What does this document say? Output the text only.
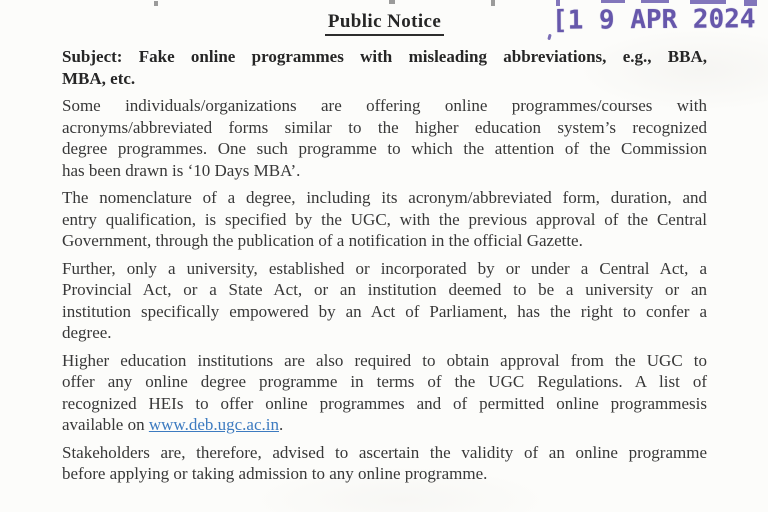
Public Notice	[1 9 APR 2024
Subject: Fake online programmes with misleading abbreviations, e.g., BBA,
MBA, etc.
Some individuals/organizations are offering online programmes/courses with
acronyms/abbreviated forms similar to the higher education system’s recognized
degree programmes. One such programme to which the attention of the Commission
has been drawn is ‘10 Days MBA’.
The nomenclature of a degree, including its acronym/abbreviated form, duration, and
entry qualification, is specified by the UGC, with the previous approval of the Central
Government, through the publication of a notification in the official Gazette.
Further, only a university, established or incorporated by or under a Central Act, a
Provincial Act, or a State Act, or an institution deemed to be a university or an
institution specifically empowered by an Act of Parliament, has the right to confer a
degree.
Higher education institutions are also required to obtain approval from the UGC to
offer any online degree programme in terms of the UGC Regulations. A list of
recognized HEIs to offer online programmes and of permitted online programmesis
available on www.deb.ugc.ac.in.
Stakeholders are, therefore, advised to ascertain the validity of an online programme
before applying or taking admission to any online programme.
